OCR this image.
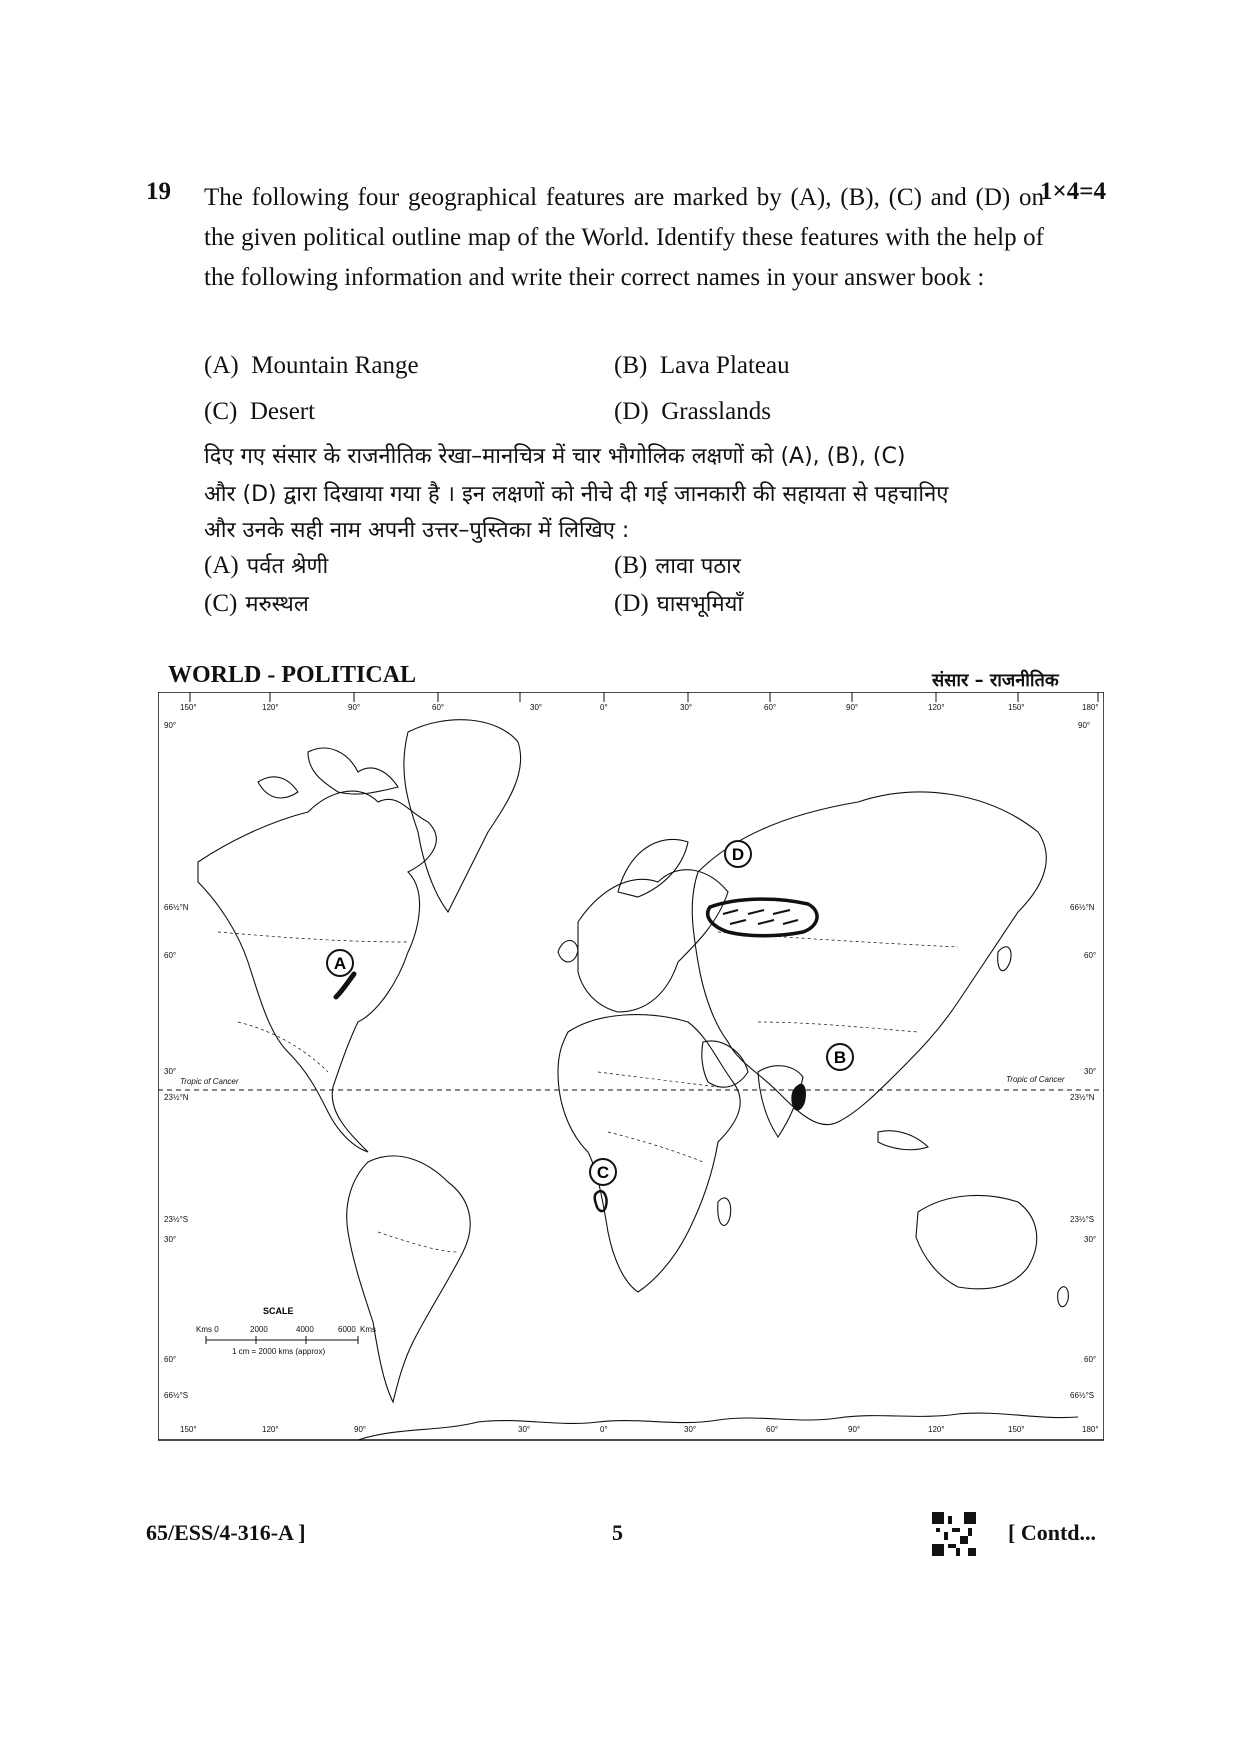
19	1×4=4
The following four geographical features are marked by (A), (B), (C) and (D) on the given political outline map of the World. Identify these features with the help of the following information and write their correct names in your answer book :
(A) Mountain Range	(B) Lava Plateau
(C) Desert	(D) Grasslands
दिए गए संसार के राजनीतिक रेखा–मानचित्र में चार भौगोलिक लक्षणों को (A), (B), (C)
और (D) द्वारा दिखाया गया है । इन लक्षणों को नीचे दी गई जानकारी की सहायता से पहचानिए
और उनके सही नाम अपनी उत्तर–पुस्तिका में लिखिए :
(A) पर्वत श्रेणी	(B) लावा पठार
(C) मरुस्थल	(D) घासभूमियाँ
WORLD - POLITICAL	संसार – राजनीतिक
150°	120°	90°	60°	30°	0°	30°	60°	90°	120°	150°	180°
90°
66½°N
60°
30°
23½°N
23½°S
30°
60°
66½°S
90°
66½°N
60°
30°
23½°N
23½°S
30°
60°
66½°S
Tropic of Cancer	Tropic of Cancer
A
B
C
D
SCALE
Kms 0	2000	4000	6000 Kms
1 cm = 2000 kms (approx)
150°	120°	90°	30°	0°	30°	60°	90°	120°	150°	180°
65/ESS/4-316-A ]	5	[ Contd...
